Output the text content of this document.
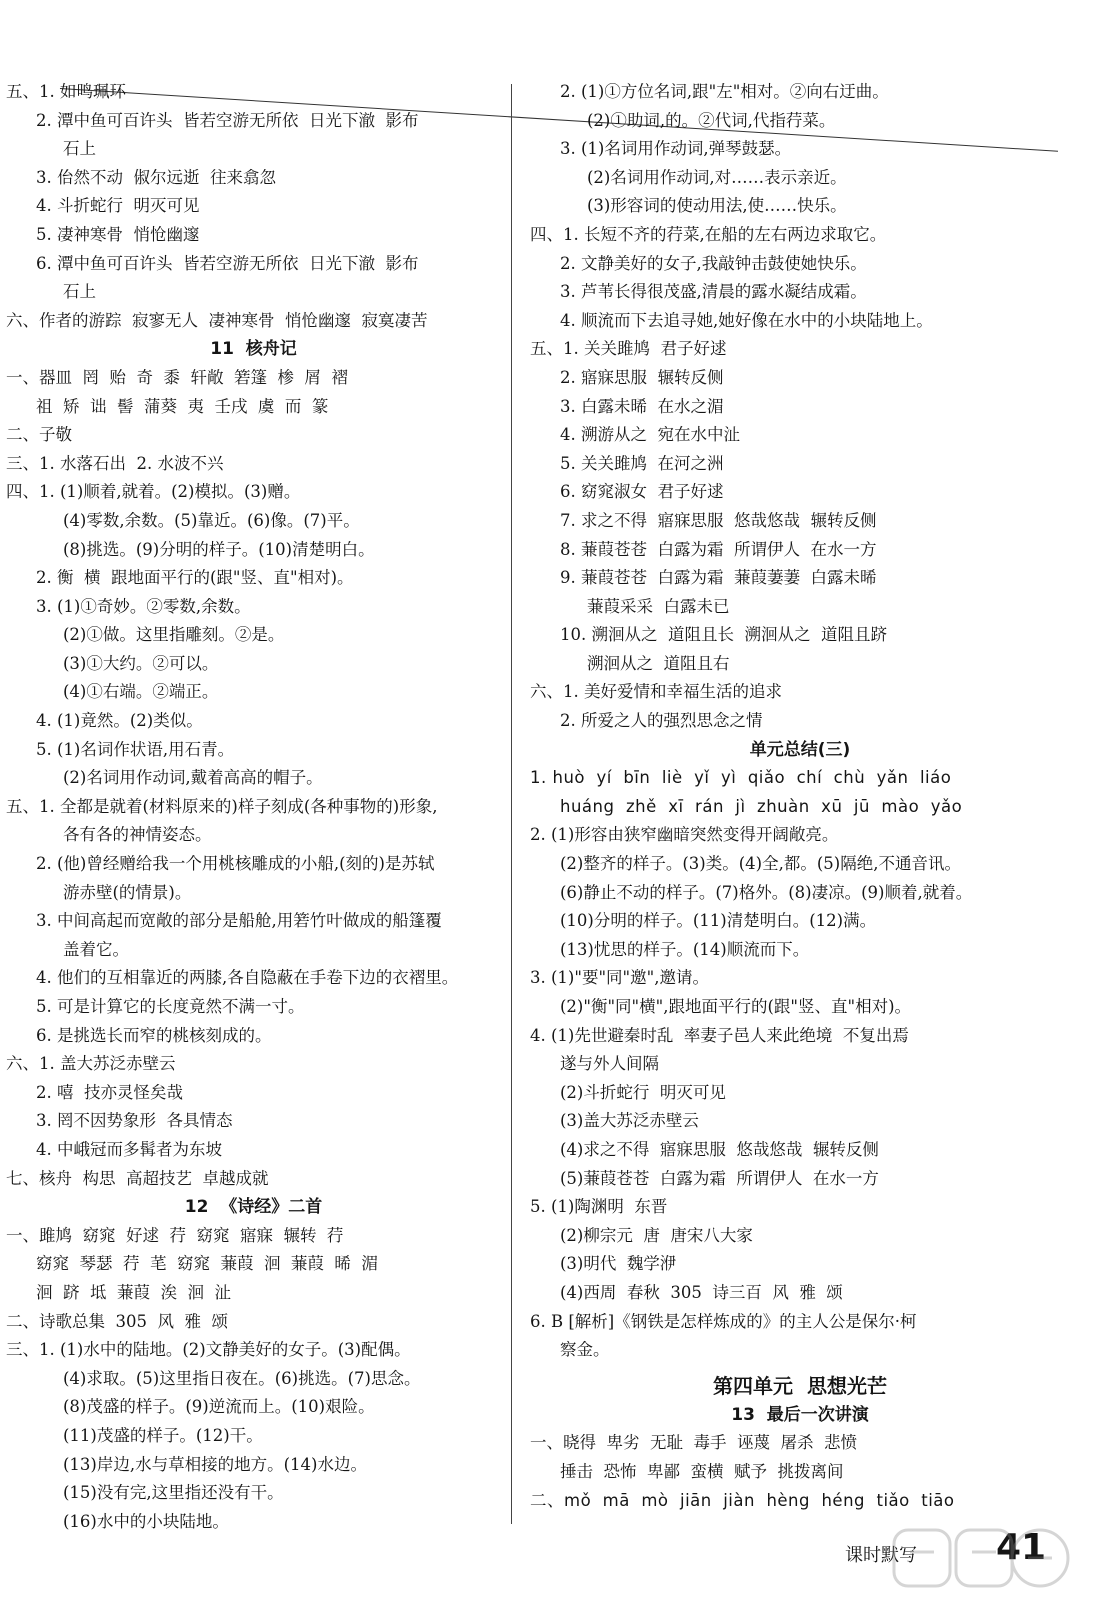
五、1. 如鸣珮环
2. 潭中鱼可百许头  皆若空游无所依  日光下澈  影布
石上
3. 佁然不动  俶尔远逝  往来翕忽
4. 斗折蛇行  明灭可见
5. 凄神寒骨  悄怆幽邃
6. 潭中鱼可百许头  皆若空游无所依  日光下澈  影布
石上
六、作者的游踪  寂寥无人  凄神寒骨  悄怆幽邃  寂寞凄苦
11  核舟记
一、器皿  罔  贻  奇  黍  轩敞  箬篷  椮  屑  褶
祖  矫  诎  髻  蒲葵  夷  壬戌  虞  而  篆
二、子敬
三、1. 水落石出  2. 水波不兴
四、1. (1)顺着,就着。(2)模拟。(3)赠。
(4)零数,余数。(5)靠近。(6)像。(7)平。
(8)挑选。(9)分明的样子。(10)清楚明白。
2. 衡  横  跟地面平行的(跟"竖、直"相对)。
3. (1)①奇妙。②零数,余数。
(2)①做。这里指雕刻。②是。
(3)①大约。②可以。
(4)①右端。②端正。
4. (1)竟然。(2)类似。
5. (1)名词作状语,用石青。
(2)名词用作动词,戴着高高的帽子。
五、1. 全都是就着(材料原来的)样子刻成(各种事物的)形象,
各有各的神情姿态。
2. (他)曾经赠给我一个用桃核雕成的小船,(刻的)是苏轼
游赤壁(的情景)。
3. 中间高起而宽敞的部分是船舱,用箬竹叶做成的船篷覆
盖着它。
4. 他们的互相靠近的两膝,各自隐蔽在手卷下边的衣褶里。
5. 可是计算它的长度竟然不满一寸。
6. 是挑选长而窄的桃核刻成的。
六、1. 盖大苏泛赤壁云
2. 嘻  技亦灵怪矣哉
3. 罔不因势象形  各具情态
4. 中峨冠而多髯者为东坡
七、核舟  构思  高超技艺  卓越成就
12  《诗经》二首
一、雎鸠  窈窕  好逑  荇  窈窕  寤寐  辗转  荇
窈窕  琴瑟  荇  芼  窈窕  蒹葭  洄  蒹葭  晞  湄
洄  跻  坻  蒹葭  涘  洄  沚
二、诗歌总集  305  风  雅  颂
三、1. (1)水中的陆地。(2)文静美好的女子。(3)配偶。
(4)求取。(5)这里指日夜在。(6)挑选。(7)思念。
(8)茂盛的样子。(9)逆流而上。(10)艰险。
(11)茂盛的样子。(12)干。
(13)岸边,水与草相接的地方。(14)水边。
(15)没有完,这里指还没有干。
(16)水中的小块陆地。
2. (1)①方位名词,跟"左"相对。②向右迂曲。
(2)①助词,的。②代词,代指荇菜。
3. (1)名词用作动词,弹琴鼓瑟。
(2)名词用作动词,对……表示亲近。
(3)形容词的使动用法,使……快乐。
四、1. 长短不齐的荇菜,在船的左右两边求取它。
2. 文静美好的女子,我敲钟击鼓使她快乐。
3. 芦苇长得很茂盛,清晨的露水凝结成霜。
4. 顺流而下去追寻她,她好像在水中的小块陆地上。
五、1. 关关雎鸠  君子好逑
2. 寤寐思服  辗转反侧
3. 白露未晞  在水之湄
4. 溯游从之  宛在水中沚
5. 关关雎鸠  在河之洲
6. 窈窕淑女  君子好逑
7. 求之不得  寤寐思服  悠哉悠哉  辗转反侧
8. 蒹葭苍苍  白露为霜  所谓伊人  在水一方
9. 蒹葭苍苍  白露为霜  蒹葭萋萋  白露未晞
蒹葭采采  白露未已
10. 溯洄从之  道阻且长  溯洄从之  道阻且跻
溯洄从之  道阻且右
六、1. 美好爱情和幸福生活的追求
2. 所爱之人的强烈思念之情
单元总结(三)
1. huò  yí  bīn  liè  yǐ  yì  qiǎo  chí  chù  yǎn  liáo
huáng  zhě  xī  rán  jì  zhuàn  xū  jū  mào  yǎo
2. (1)形容由狭窄幽暗突然变得开阔敞亮。
(2)整齐的样子。(3)类。(4)全,都。(5)隔绝,不通音讯。
(6)静止不动的样子。(7)格外。(8)凄凉。(9)顺着,就着。
(10)分明的样子。(11)清楚明白。(12)满。
(13)忧思的样子。(14)顺流而下。
3. (1)"要"同"邀",邀请。
(2)"衡"同"横",跟地面平行的(跟"竖、直"相对)。
4. (1)先世避秦时乱  率妻子邑人来此绝境  不复出焉
遂与外人间隔
(2)斗折蛇行  明灭可见
(3)盖大苏泛赤壁云
(4)求之不得  寤寐思服  悠哉悠哉  辗转反侧
(5)蒹葭苍苍  白露为霜  所谓伊人  在水一方
5. (1)陶渊明  东晋
(2)柳宗元  唐  唐宋八大家
(3)明代  魏学洢
(4)西周  春秋  305  诗三百  风  雅  颂
6. B [解析]《钢铁是怎样炼成的》的主人公是保尔·柯
察金。
第四单元  思想光芒
13  最后一次讲演
一、晓得  卑劣  无耻  毒手  诬蔑  屠杀  悲愤
捶击  恐怖  卑鄙  蛮横  赋予  挑拨离间
二、mǒ  mā  mò  jiān  jiàn  hèng  héng  tiǎo  tiāo
课时默写 41
